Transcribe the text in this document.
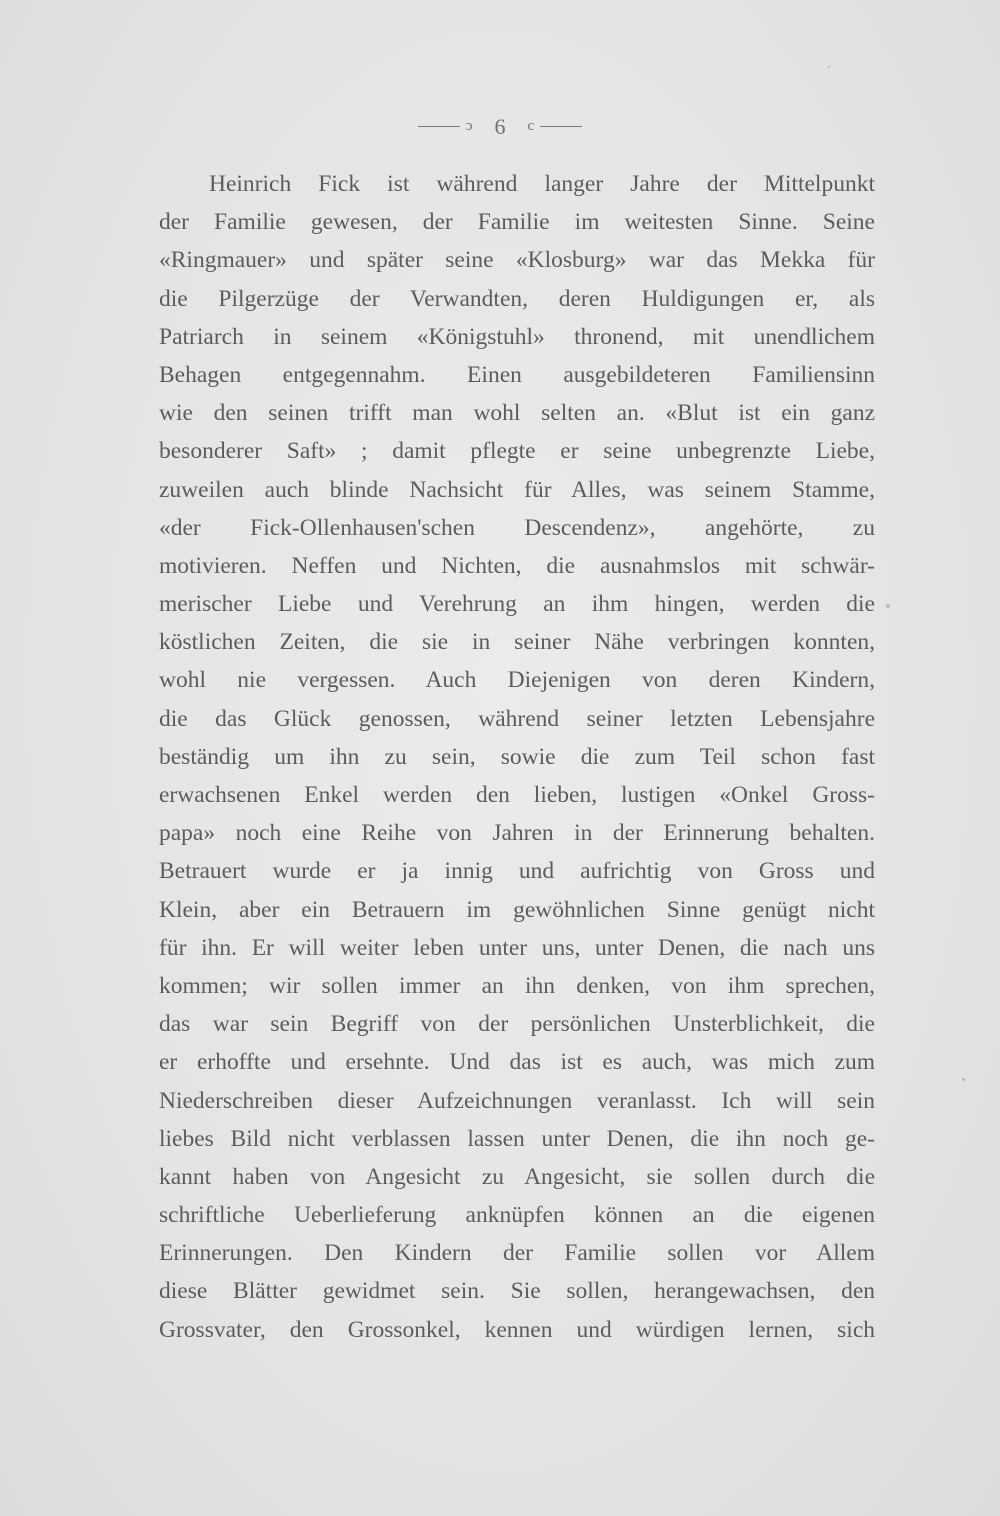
ɔ 6 c
Heinrich Fick ist während langer Jahre der Mittelpunkt
der Familie gewesen, der Familie im weitesten Sinne. Seine
«Ringmauer» und später seine «Klosburg» war das Mekka für
die Pilgerzüge der Verwandten, deren Huldigungen er, als
Patriarch in seinem «Königstuhl» thronend, mit unendlichem
Behagen entgegennahm. Einen ausgebildeteren Familiensinn
wie den seinen trifft man wohl selten an. «Blut ist ein ganz
besonderer Saft» ; damit pflegte er seine unbegrenzte Liebe,
zuweilen auch blinde Nachsicht für Alles, was seinem Stamme,
«der Fick-Ollenhausen'schen Descendenz», angehörte, zu
motivieren. Neffen und Nichten, die ausnahmslos mit schwär-
merischer Liebe und Verehrung an ihm hingen, werden die
köstlichen Zeiten, die sie in seiner Nähe verbringen konnten,
wohl nie vergessen. Auch Diejenigen von deren Kindern,
die das Glück genossen, während seiner letzten Lebensjahre
beständig um ihn zu sein, sowie die zum Teil schon fast
erwachsenen Enkel werden den lieben, lustigen «Onkel Gross-
papa» noch eine Reihe von Jahren in der Erinnerung behalten.
Betrauert wurde er ja innig und aufrichtig von Gross und
Klein, aber ein Betrauern im gewöhnlichen Sinne genügt nicht
für ihn. Er will weiter leben unter uns, unter Denen, die nach uns
kommen; wir sollen immer an ihn denken, von ihm sprechen,
das war sein Begriff von der persönlichen Unsterblichkeit, die
er erhoffte und ersehnte. Und das ist es auch, was mich zum
Niederschreiben dieser Aufzeichnungen veranlasst. Ich will sein
liebes Bild nicht verblassen lassen unter Denen, die ihn noch ge-
kannt haben von Angesicht zu Angesicht, sie sollen durch die
schriftliche Ueberlieferung anknüpfen können an die eigenen
Erinnerungen. Den Kindern der Familie sollen vor Allem
diese Blätter gewidmet sein. Sie sollen, herangewachsen, den
Grossvater, den Grossonkel, kennen und würdigen lernen, sich
